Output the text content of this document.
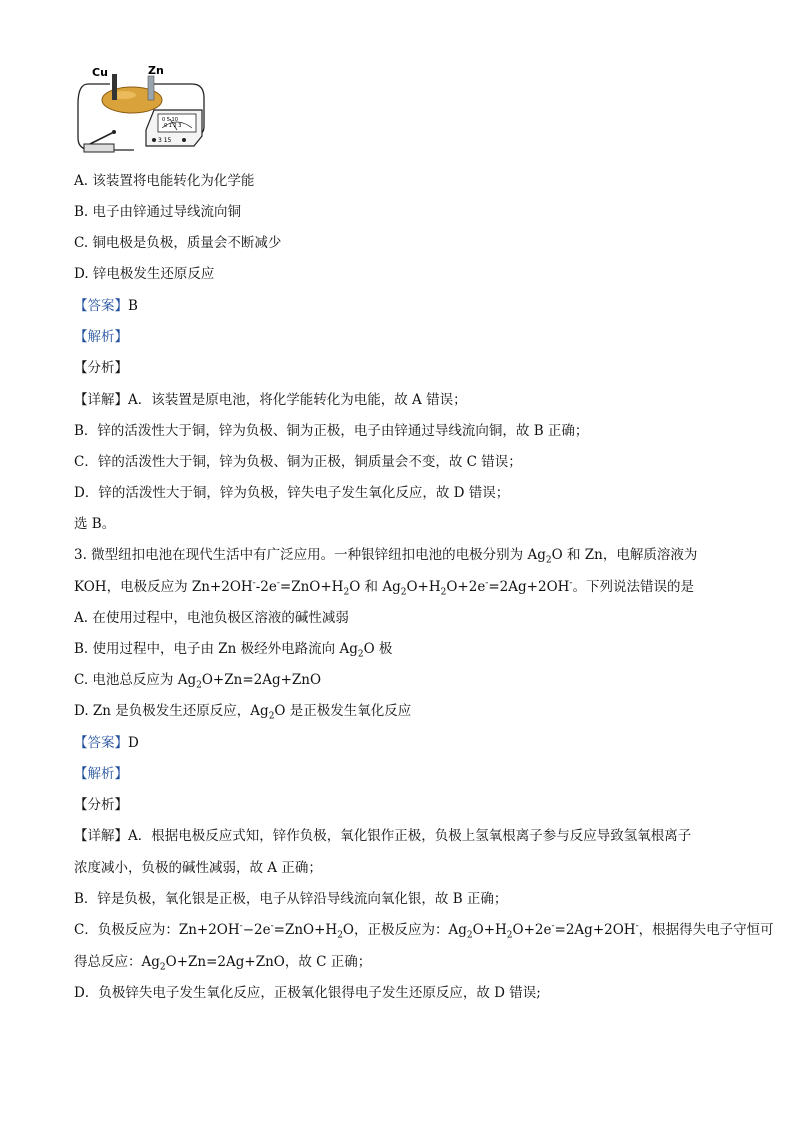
Cu	Zn
0 5 10
0 1 2 3
3 15
A. 该装置将电能转化为化学能
B. 电子由锌通过导线流向铜
C. 铜电极是负极，质量会不断减少
D. 锌电极发生还原反应
【答案】B
【解析】
【分析】
【详解】A．该装置是原电池，将化学能转化为电能，故 A 错误；
B．锌的活泼性大于铜，锌为负极、铜为正极，电子由锌通过导线流向铜，故 B 正确；
C．锌的活泼性大于铜，锌为负极、铜为正极，铜质量会不变，故 C 错误；
D．锌的活泼性大于铜，锌为负极，锌失电子发生氧化反应，故 D 错误；
选 B。
3. 微型纽扣电池在现代生活中有广泛应用。一种银锌纽扣电池的电极分别为 $Ag_2O$ 和 Zn，电解质溶液为
KOH，电极反应为 $Zn+2OH^--2e^-=ZnO+H_2O$ 和 $Ag_2O+H_2O+2e^-=2Ag+2OH^-$。下列说法错误的是
A. 在使用过程中，电池负极区溶液的碱性减弱
B. 使用过程中，电子由 Zn 极经外电路流向 $Ag_2O$ 极
C. 电池总反应为 $Ag_2O+Zn=2Ag+ZnO$
D. Zn 是负极发生还原反应，$Ag_2O$ 是正极发生氧化反应
【答案】D
【解析】
【分析】
【详解】A．根据电极反应式知，锌作负极，氧化银作正极，负极上氢氧根离子参与反应导致氢氧根离子
浓度减小，负极的碱性减弱，故 A 正确；
B．锌是负极，氧化银是正极，电子从锌沿导线流向氧化银，故 B 正确；
C．负极反应为：$Zn+2OH^--2e^-=ZnO+H_2O$，正极反应为：$Ag_2O+H_2O+2e^-=2Ag+2OH^-$，根据得失电子守恒可
得总反应：$Ag_2O+Zn=2Ag+ZnO$，故 C 正确；
D．负极锌失电子发生氧化反应，正极氧化银得电子发生还原反应，故 D 错误;
